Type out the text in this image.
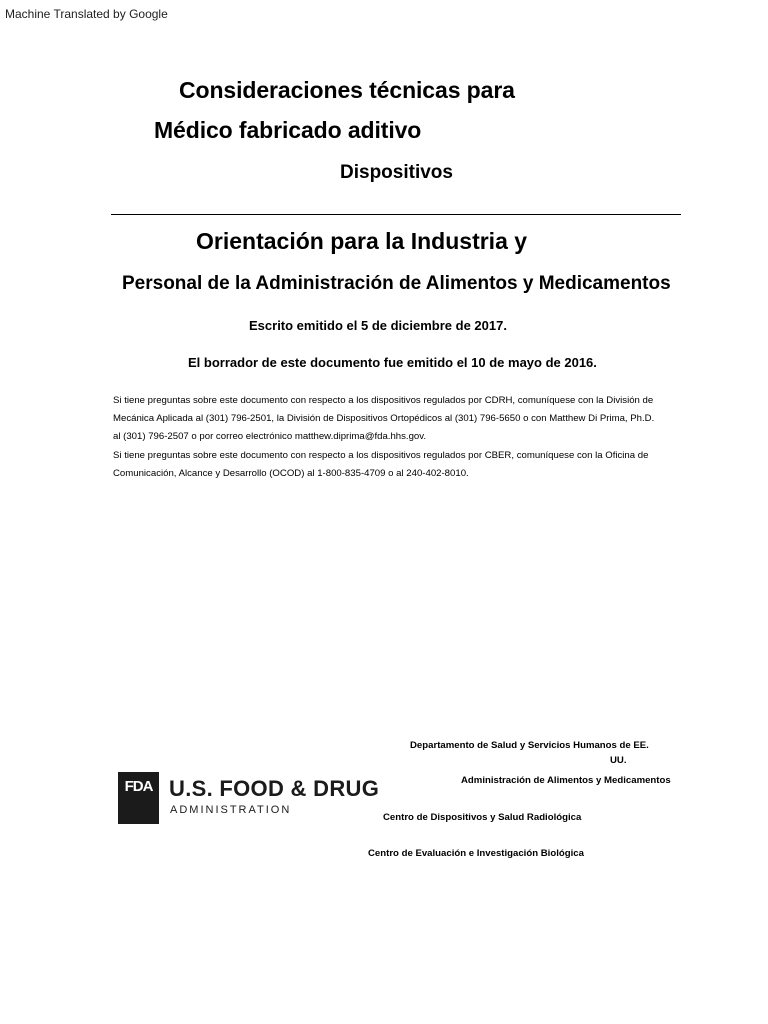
Machine Translated by Google
Consideraciones técnicas para
Médico fabricado aditivo
Dispositivos
Orientación para la Industria y
Personal de la Administración de Alimentos y Medicamentos
Escrito emitido el 5 de diciembre de 2017.
El borrador de este documento fue emitido el 10 de mayo de 2016.

Si tiene preguntas sobre este documento con respecto a los dispositivos regulados por CDRH, comuníquese con la División de

Mecánica Aplicada al (301) 796-2501, la División de Dispositivos Ortopédicos al (301) 796-5650 o con Matthew Di Prima, Ph.D.

al (301) 796-2507 o por correo electrónico matthew.diprima@fda.hhs.gov.

Si tiene preguntas sobre este documento con respecto a los dispositivos regulados por CBER, comuníquese con la Oficina de

Comunicación, Alcance y Desarrollo (OCOD) al 1-800-835-4709 o al 240-402-8010.

FDA U.S. FOOD & DRUG
ADMINISTRATION
Departamento de Salud y Servicios Humanos de EE.
UU.
Administración de Alimentos y Medicamentos
Centro de Dispositivos y Salud Radiológica
Centro de Evaluación e Investigación Biológica
